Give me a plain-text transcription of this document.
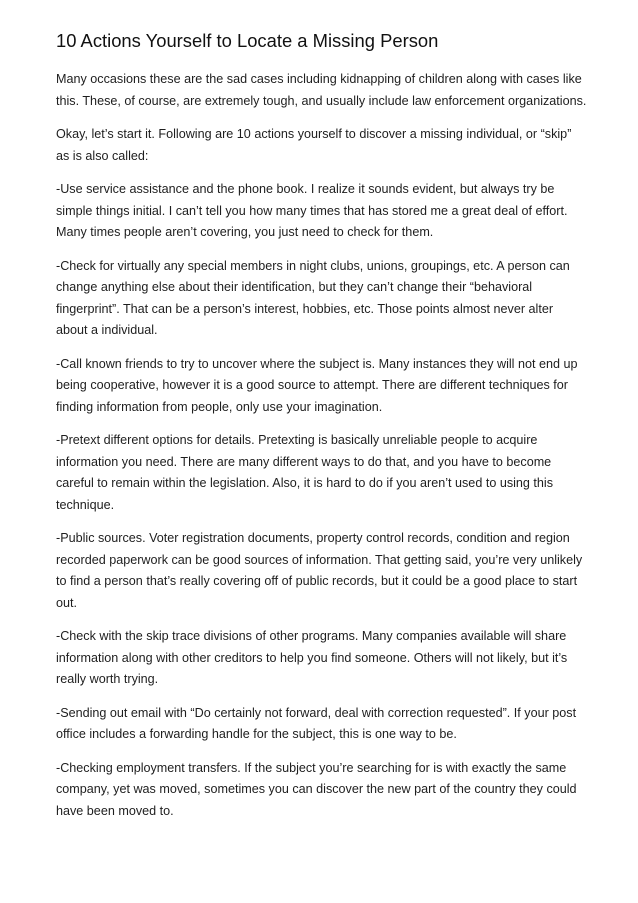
10 Actions Yourself to Locate a Missing Person

Many occasions these are the sad cases including kidnapping of children along with cases like this. These, of course, are extremely tough, and usually include law enforcement organizations.

Okay, let’s start it. Following are 10 actions yourself to discover a missing individual, or “skip” as is also called:

-Use service assistance and the phone book. I realize it sounds evident, but always try be simple things initial. I can’t tell you how many times that has stored me a great deal of effort. Many times people aren’t covering, you just need to check for them.

-Check for virtually any special members in night clubs, unions, groupings, etc. A person can change anything else about their identification, but they can’t change their “behavioral fingerprint”. That can be a person’s interest, hobbies, etc. Those points almost never alter about a individual.

-Call known friends to try to uncover where the subject is. Many instances they will not end up being cooperative, however it is a good source to attempt. There are different techniques for finding information from people, only use your imagination.

-Pretext different options for details. Pretexting is basically unreliable people to acquire information you need. There are many different ways to do that, and you have to become careful to remain within the legislation. Also, it is hard to do if you aren’t used to using this technique.

-Public sources. Voter registration documents, property control records, condition and region recorded paperwork can be good sources of information. That getting said, you’re very unlikely to find a person that’s really covering off of public records, but it could be a good place to start out.

-Check with the skip trace divisions of other programs. Many companies available will share information along with other creditors to help you find someone. Others will not likely, but it’s really worth trying.

-Sending out email with “Do certainly not forward, deal with correction requested”. If your post office includes a forwarding handle for the subject, this is one way to be.

-Checking employment transfers. If the subject you’re searching for is with exactly the same company, yet was moved, sometimes you can discover the new part of the country they could have been moved to.
